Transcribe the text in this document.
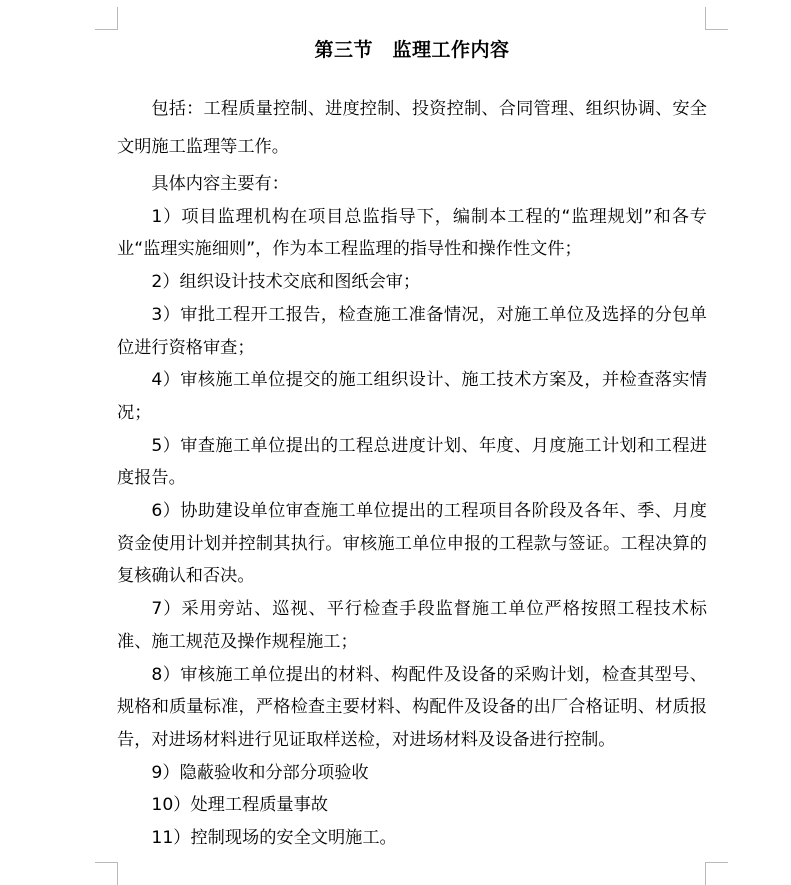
第三节　监理工作内容

包括：工程质量控制、进度控制、投资控制、合同管理、组织协调、安全文明施工监理等工作。

具体内容主要有：

1）项目监理机构在项目总监指导下，编制本工程的“监理规划”和各专业“监理实施细则”，作为本工程监理的指导性和操作性文件；

2）组织设计技术交底和图纸会审；

3）审批工程开工报告，检查施工准备情况，对施工单位及选择的分包单位进行资格审查；

4）审核施工单位提交的施工组织设计、施工技术方案及，并检查落实情况；

5）审查施工单位提出的工程总进度计划、年度、月度施工计划和工程进度报告。

6）协助建设单位审查施工单位提出的工程项目各阶段及各年、季、月度资金使用计划并控制其执行。审核施工单位申报的工程款与签证。工程决算的复核确认和否决。

7）采用旁站、巡视、平行检查手段监督施工单位严格按照工程技术标准、施工规范及操作规程施工；

8）审核施工单位提出的材料、构配件及设备的采购计划，检查其型号、规格和质量标准，严格检查主要材料、构配件及设备的出厂合格证明、材质报告，对进场材料进行见证取样送检，对进场材料及设备进行控制。

9）隐蔽验收和分部分项验收

10）处理工程质量事故

11）控制现场的安全文明施工。
